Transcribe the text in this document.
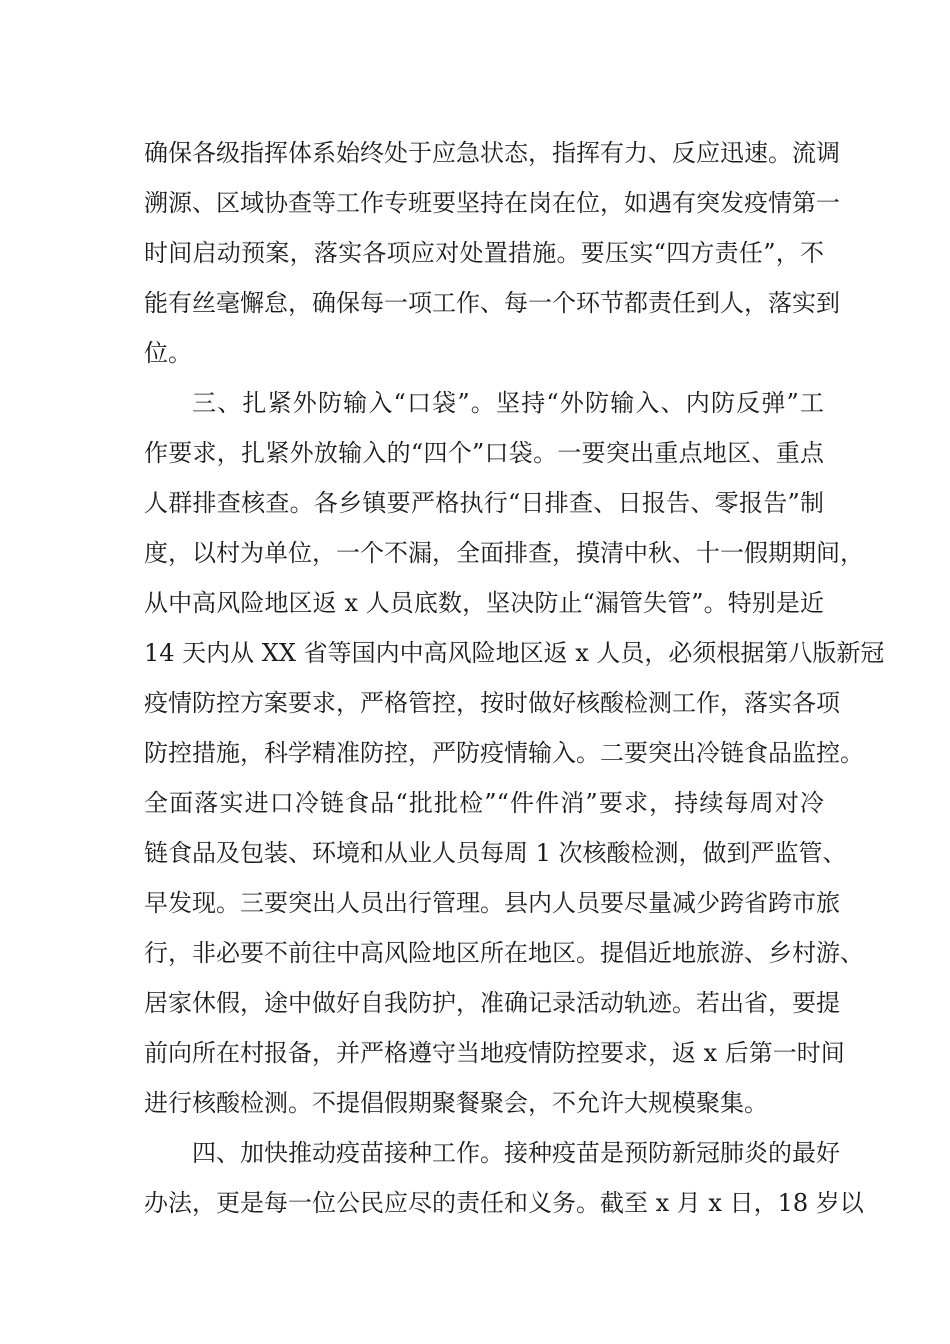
确保各级指挥体系始终处于应急状态，指挥有力、反应迅速。流调
溯源、区域协查等工作专班要坚持在岗在位，如遇有突发疫情第一
时间启动预案，落实各项应对处置措施。要压实“四方责任”，不
能有丝毫懈怠，确保每一项工作、每一个环节都责任到人，落实到
位。
三、扎紧外防输入“口袋”。坚持“外防输入、内防反弹”工
作要求，扎紧外放输入的“四个”口袋。一要突出重点地区、重点
人群排查核查。各乡镇要严格执行“日排查、日报告、零报告”制
度，以村为单位，一个不漏，全面排查，摸清中秋、十一假期期间，
从中高风险地区返 x 人员底数，坚决防止“漏管失管”。特别是近
14 天内从 XX 省等国内中高风险地区返 x 人员，必须根据第八版新冠
疫情防控方案要求，严格管控，按时做好核酸检测工作，落实各项
防控措施，科学精准防控，严防疫情输入。二要突出冷链食品监控。
全面落实进口冷链食品“批批检”“件件消”要求，持续每周对冷
链食品及包装、环境和从业人员每周 1 次核酸检测，做到严监管、
早发现。三要突出人员出行管理。县内人员要尽量减少跨省跨市旅
行，非必要不前往中高风险地区所在地区。提倡近地旅游、乡村游、
居家休假，途中做好自我防护，准确记录活动轨迹。若出省，要提
前向所在村报备，并严格遵守当地疫情防控要求，返 x 后第一时间
进行核酸检测。不提倡假期聚餐聚会，不允许大规模聚集。
四、加快推动疫苗接种工作。接种疫苗是预防新冠肺炎的最好
办法，更是每一位公民应尽的责任和义务。截至 x 月 x 日，18 岁以
